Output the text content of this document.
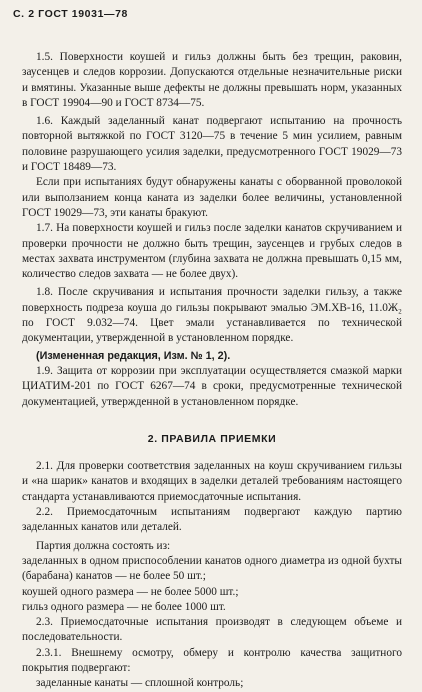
С. 2 ГОСТ 19031—78

1.5. Поверхности коушей и гильз должны быть без трещин, раковин, заусенцев и следов коррозии. Допускаются отдельные незначительные риски и вмятины. Указанные выше дефекты не должны превышать норм, указанных в ГОСТ 19904—90 и ГОСТ 8734—75.

1.6. Каждый заделанный канат подвергают испытанию на прочность повторной вытяжкой по ГОСТ 3120—75 в течение 5 мин усилием, равным половине разрушающего усилия заделки, предусмотренного ГОСТ 19029—73 и ГОСТ 18489—73.

Если при испытаниях будут обнаружены канаты с оборванной проволокой или выползанием конца каната из заделки более величины, установленной ГОСТ 19029—73, эти канаты бракуют.

1.7. На поверхности коушей и гильз после заделки канатов скручиванием и проверки прочности не должно быть трещин, заусенцев и грубых следов в местах захвата инструментом (глубина захвата не должна превышать 0,15 мм, количество следов захвата — не более двух).

1.8. После скручивания и испытания прочности заделки гильзу, а также поверхность подреза коуша до гильзы покрывают эмалью ЭМ.ХВ-16, 11.0Ж₂ по ГОСТ 9.032—74. Цвет эмали устанавливается по технической документации, утвержденной в установленном порядке.

(Измененная редакция, Изм. № 1, 2).

1.9. Защита от коррозии при эксплуатации осуществляется смазкой марки ЦИАТИМ-201 по ГОСТ 6267—74 в сроки, предусмотренные технической документацией, утвержденной в установленном порядке.

2. ПРАВИЛА ПРИЕМКИ

2.1. Для проверки соответствия заделанных на коуш скручиванием гильзы и «на шарик» канатов и входящих в заделки деталей требованиям настоящего стандарта устанавливаются приемосдаточные испытания.

2.2. Приемосдаточным испытаниям подвергают каждую партию заделанных канатов или деталей.

Партия должна состоять из:

заделанных в одном приспособлении канатов одного диаметра из одной бухты (барабана) канатов — не более 50 шт.;

коушей одного размера — не более 5000 шт.;

гильз одного размера — не более 1000 шт.

2.3. Приемосдаточные испытания производят в следующем объеме и последовательности.

2.3.1. Внешнему осмотру, обмеру и контролю качества защитного покрытия подвергают:

заделанные канаты — сплошной контроль;
